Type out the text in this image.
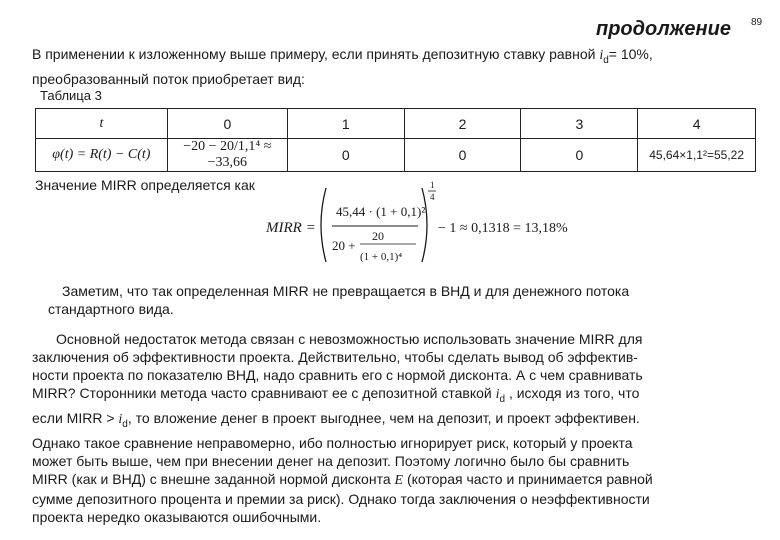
продолжение 89
В применении к изложенному выше примеру, если принять депозитную ставку равной $i_d= 10\%$,
преобразованный поток приобретает вид:
Таблица 3
t	0	1	2	3	4
φ(t) = R(t) − C(t)	−20 − 20/1,1⁴ ≈ −33,66	0	0	0	45,64×1,1²=55,22
Значение MIRR определяется как
MIRR =
1
4
45,44 · (1 + 0,1)²
20 +
20
(1 + 0,1)⁴
− 1 ≈ 0,1318 = 13,18%
Заметим, что так определенная MIRR не превращается в ВНД и для денежного потока
стандартного вида.
Основной недостаток метода связан с невозможностью использовать значение MIRR для
заключения об эффективности проекта. Действительно, чтобы сделать вывод об эффектив-
ности проекта по показателю ВНД, надо сравнить его с нормой дисконта. А с чем сравнивать
MIRR? Сторонники метода часто сравнивают ее с депозитной ставкой $i_d$ , исходя из того, что
если MIRR > $i_d$, то вложение денег в проект выгоднее, чем на депозит, и проект эффективен.
Однако такое сравнение неправомерно, ибо полностью игнорирует риск, который у проекта
может быть выше, чем при внесении денег на депозит. Поэтому логично было бы сравнить
MIRR (как и ВНД) с внешне заданной нормой дисконта E (которая часто и принимается равной
сумме депозитного процента и премии за риск). Однако тогда заключения о неэффективности
проекта нередко оказываются ошибочными.
